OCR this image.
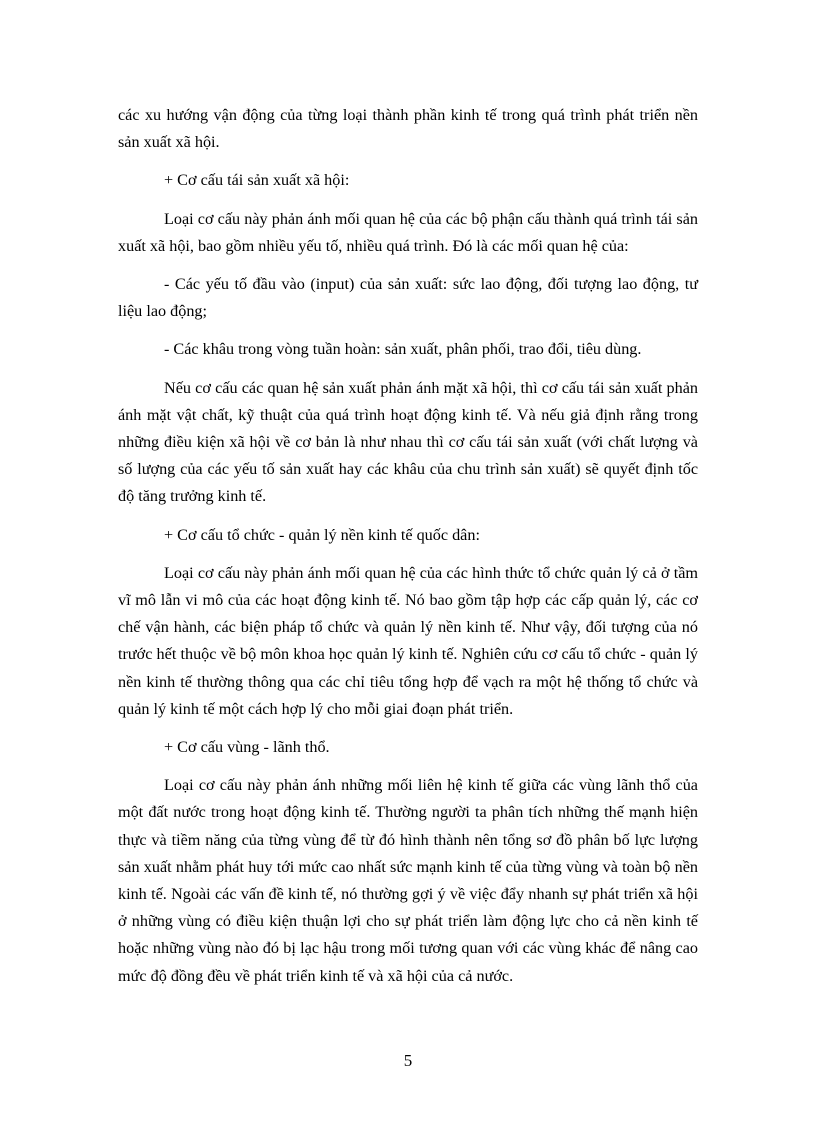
các xu hướng vận động của từng loại thành phần kinh tế trong quá trình phát triển nền sản xuất xã hội.

+ Cơ cấu tái sản xuất xã hội:

Loại cơ cấu này phản ánh mối quan hệ của các bộ phận cấu thành quá trình tái sản xuất xã hội, bao gồm nhiều yếu tố, nhiều quá trình. Đó là các mối quan hệ của:

- Các yếu tố đầu vào (input) của sản xuất: sức lao động, đối tượng lao động, tư liệu lao động;

- Các khâu trong vòng tuần hoàn: sản xuất, phân phối, trao đổi, tiêu dùng.

Nếu cơ cấu các quan hệ sản xuất phản ánh mặt xã hội, thì cơ cấu tái sản xuất phản ánh mặt vật chất, kỹ thuật của quá trình hoạt động kinh tế. Và nếu giả định rằng trong những điều kiện xã hội về cơ bản là như nhau thì cơ cấu tái sản xuất (với chất lượng và số lượng của các yếu tố sản xuất hay các khâu của chu trình sản xuất) sẽ quyết định tốc độ tăng trưởng kinh tế.

+ Cơ cấu tổ chức - quản lý nền kinh tế quốc dân:

Loại cơ cấu này phản ánh mối quan hệ của các hình thức tổ chức quản lý cả ở tầm vĩ mô lẫn vi mô của các hoạt động kinh tế. Nó bao gồm tập hợp các cấp quản lý, các cơ chế vận hành, các biện pháp tổ chức và quản lý nền kinh tế. Như vậy, đối tượng của nó trước hết thuộc về bộ môn khoa học quản lý kinh tế. Nghiên cứu cơ cấu tổ chức - quản lý nền kinh tế thường thông qua các chỉ tiêu tổng hợp để vạch ra một hệ thống tổ chức và quản lý kinh tế một cách hợp lý cho mỗi giai đoạn phát triển.

+ Cơ cấu vùng - lãnh thổ.

Loại cơ cấu này phản ánh những mối liên hệ kinh tế giữa các vùng lãnh thổ của một đất nước trong hoạt động kinh tế. Thường người ta phân tích những thế mạnh hiện thực và tiềm năng của từng vùng để từ đó hình thành nên tổng sơ đồ phân bố lực lượng sản xuất nhằm phát huy tới mức cao nhất sức mạnh kinh tế của từng vùng và toàn bộ nền kinh tế. Ngoài các vấn đề kinh tế, nó thường gợi ý về việc đẩy nhanh sự phát triển xã hội ở những vùng có điều kiện thuận lợi cho sự phát triển làm động lực cho cả nền kinh tế hoặc những vùng nào đó bị lạc hậu trong mối tương quan với các vùng khác để nâng cao mức độ đồng đều về phát triển kinh tế và xã hội của cả nước.

5
